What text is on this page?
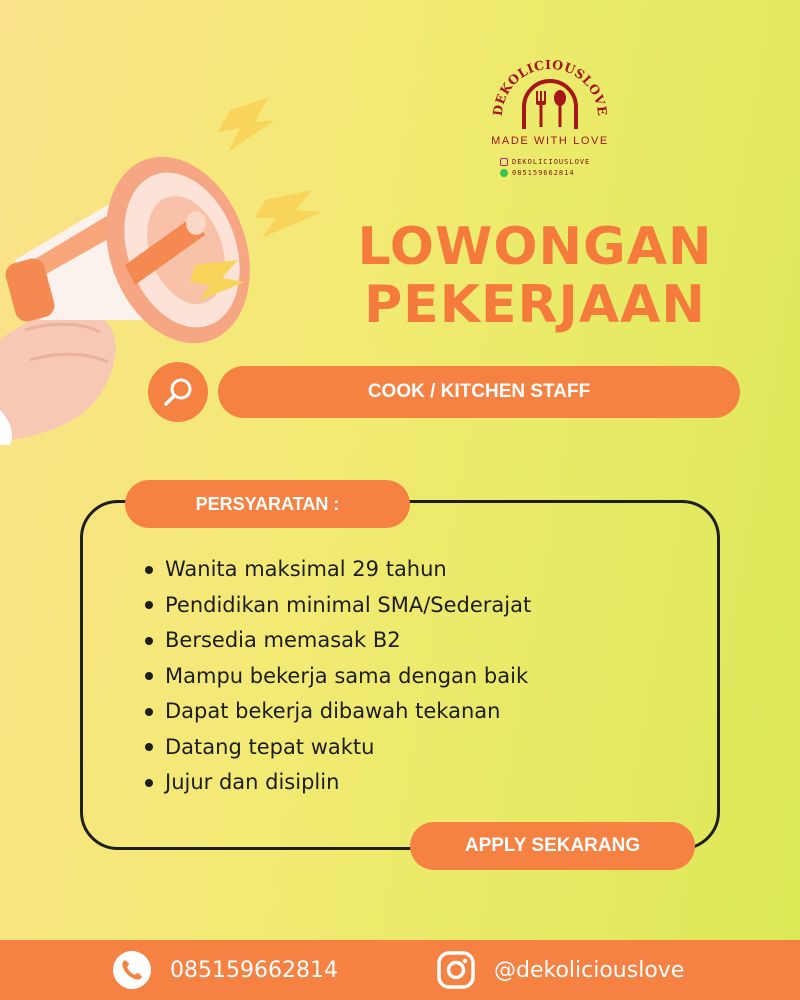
DEKOLICIOUSLOVE
MADE WITH LOVE
DEKOLICIOUSLOVE
085159662814
LOWONGAN
PEKERJAAN
COOK / KITCHEN STAFF
PERSYARATAN :
Wanita maksimal 29 tahun
Pendidikan minimal SMA/Sederajat
Bersedia memasak B2
Mampu bekerja sama dengan baik
Dapat bekerja dibawah tekanan
Datang tepat waktu
Jujur dan disiplin
APPLY SEKARANG
085159662814	@dekoliciouslove
